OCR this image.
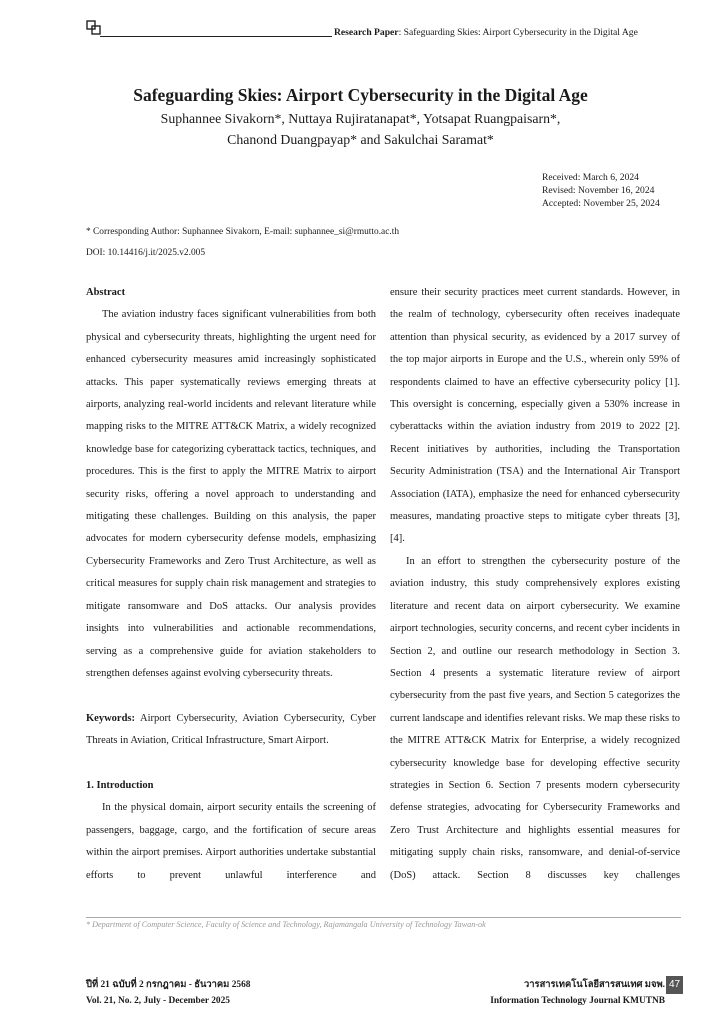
Research Paper: Safeguarding Skies: Airport Cybersecurity in the Digital Age
Safeguarding Skies: Airport Cybersecurity in the Digital Age
Suphannee Sivakorn*, Nuttaya Rujiratanapat*, Yotsapat Ruangpaisarn*,
Chanond Duangpayap* and Sakulchai Saramat*
Received: March 6, 2024
Revised: November 16, 2024
Accepted: November 25, 2024
* Corresponding Author: Suphannee Sivakorn, E-mail: suphannee_si@rmutto.ac.th
DOI: 10.14416/j.it/2025.v2.005

Abstract

The aviation industry faces significant vulnerabilities from both physical and cybersecurity threats, highlighting the urgent need for enhanced cybersecurity measures amid increasingly sophisticated attacks. This paper systematically reviews emerging threats at airports, analyzing real-world incidents and relevant literature while mapping risks to the MITRE ATT&CK Matrix, a widely recognized knowledge base for categorizing cyberattack tactics, techniques, and procedures. This is the first to apply the MITRE Matrix to airport security risks, offering a novel approach to understanding and mitigating these challenges. Building on this analysis, the paper advocates for modern cybersecurity defense models, emphasizing Cybersecurity Frameworks and Zero Trust Architecture, as well as critical measures for supply chain risk management and strategies to mitigate ransomware and DoS attacks. Our analysis provides insights into vulnerabilities and actionable recommendations, serving as a comprehensive guide for aviation stakeholders to strengthen defenses against evolving cybersecurity threats.

Keywords: Airport Cybersecurity, Aviation Cybersecurity, Cyber Threats in Aviation, Critical Infrastructure, Smart Airport.

1. Introduction

In the physical domain, airport security entails the screening of passengers, baggage, cargo, and the fortification of secure areas within the airport premises. Airport authorities undertake substantial efforts to prevent unlawful interference and

ensure their security practices meet current standards. However, in the realm of technology, cybersecurity often receives inadequate attention than physical security, as evidenced by a 2017 survey of the top major airports in Europe and the U.S., wherein only 59% of respondents claimed to have an effective cybersecurity policy [1]. This oversight is concerning, especially given a 530% increase in cyberattacks within the aviation industry from 2019 to 2022 [2]. Recent initiatives by authorities, including the Transportation Security Administration (TSA) and the International Air Transport Association (IATA), emphasize the need for enhanced cybersecurity measures, mandating proactive steps to mitigate cyber threats [3], [4].

In an effort to strengthen the cybersecurity posture of the aviation industry, this study comprehensively explores existing literature and recent data on airport cybersecurity. We examine airport technologies, security concerns, and recent cyber incidents in Section 2, and outline our research methodology in Section 3. Section 4 presents a systematic literature review of airport cybersecurity from the past five years, and Section 5 categorizes the current landscape and identifies relevant risks. We map these risks to the MITRE ATT&CK Matrix for Enterprise, a widely recognized cybersecurity knowledge base for developing effective security strategies in Section 6. Section 7 presents modern cybersecurity defense strategies, advocating for Cybersecurity Frameworks and Zero Trust Architecture and highlights essential measures for mitigating supply chain risks, ransomware, and denial-of-service (DoS) attack. Section 8 discusses key challenges

* Department of Computer Science, Faculty of Science and Technology, Rajamangala University of Technology Tawan-ok
ปีที่ 21 ฉบับที่ 2 กรกฎาคม - ธันวาคม 2568
Vol. 21, No. 2, July - December 2025
วารสารเทคโนโลยีสารสนเทศ มจพ.
Information Technology Journal KMUTNB
47
